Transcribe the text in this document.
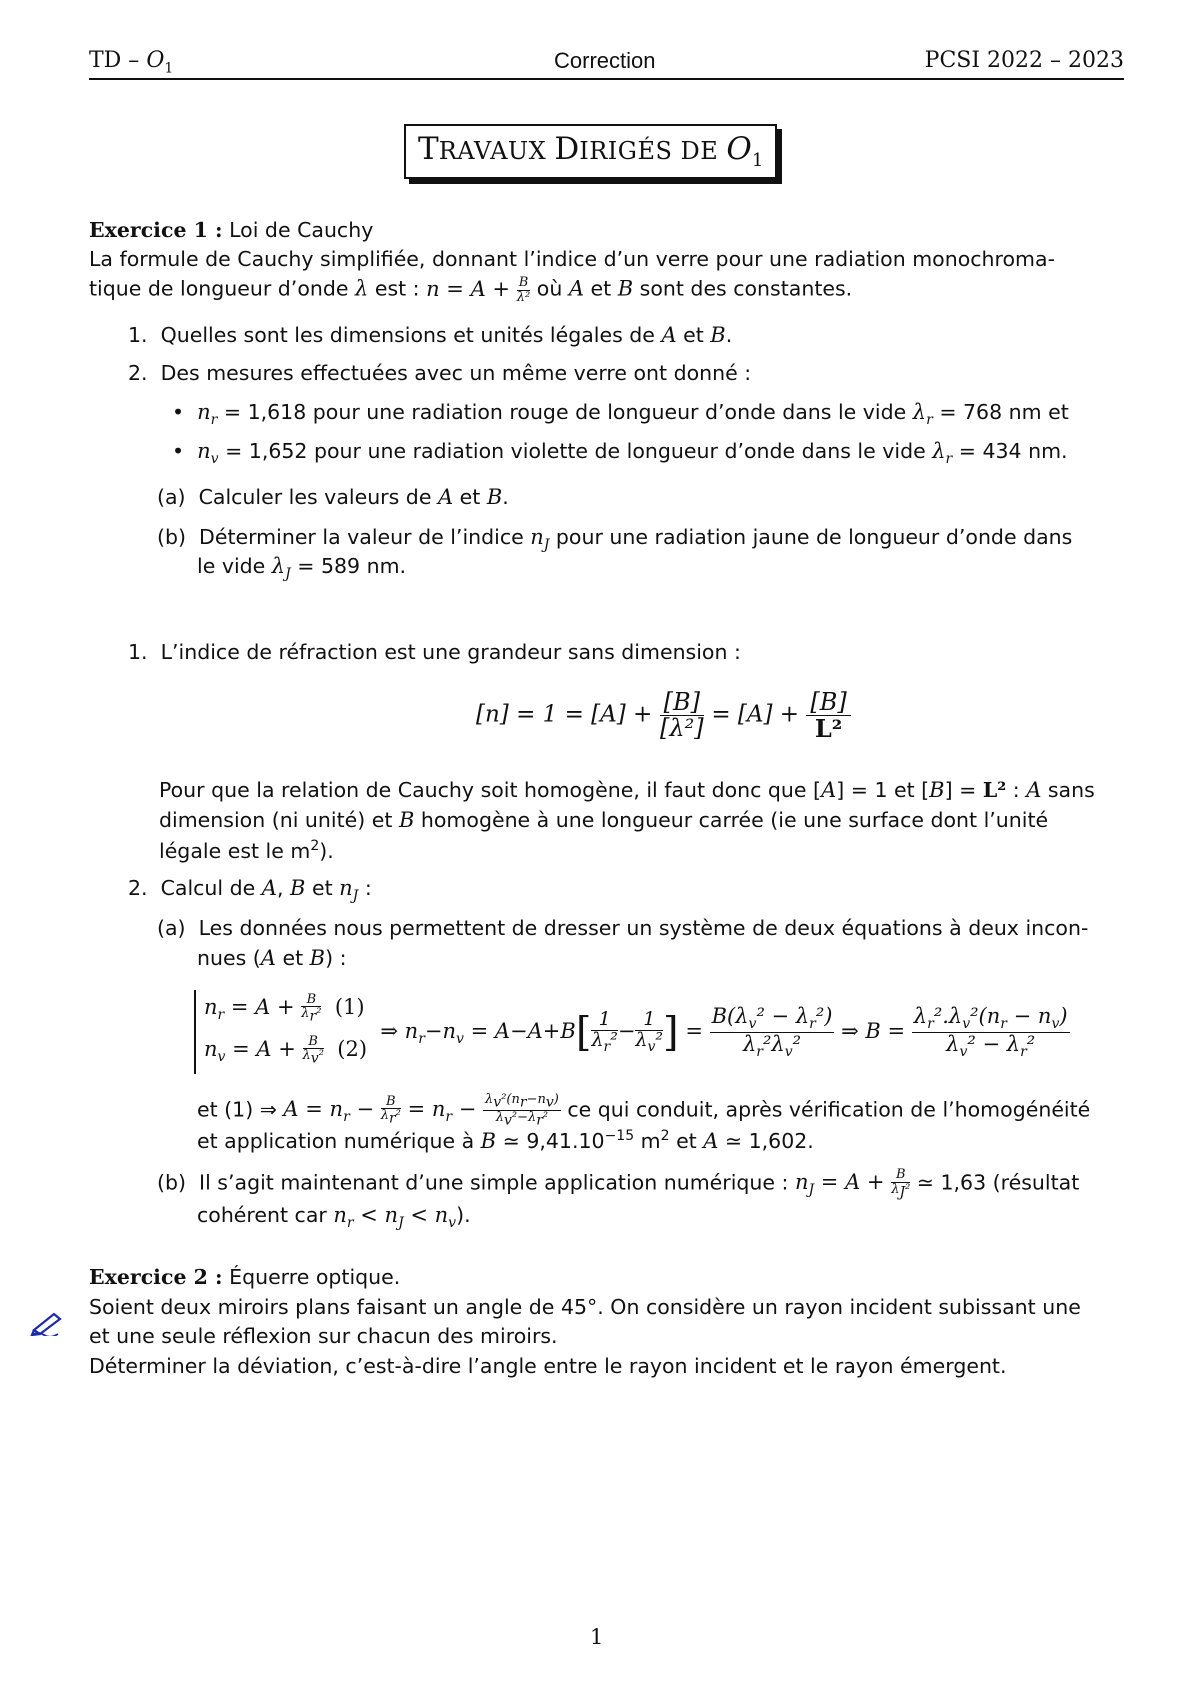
TD – $O_1$	Correction	PCSI 2022 – 2023
TRAVAUX DIRIGÉS DE $O_1$
Exercice 1 : Loi de Cauchy
La formule de Cauchy simplifiée, donnant l’indice d’un verre pour une radiation monochroma-
tique de longueur d’onde λ est : $n = A + \frac{B}{\text{λ²}}$ où A et B sont des constantes.
1.  Quelles sont les dimensions et unités légales de A et B.
2.  Des mesures effectuées avec un même verre ont donné :
•  $n_r = 1,618$ pour une radiation rouge de longueur d’onde dans le vide $\lambda_r = 768$ nm et
•  $n_v = 1,652$ pour une radiation violette de longueur d’onde dans le vide $\lambda_r = 434$ nm.
(a)  Calculer les valeurs de A et B.
(b)  Déterminer la valeur de l’indice $n_J$ pour une radiation jaune de longueur d’onde dans
le vide $\lambda_J = 589$ nm.
1.  L’indice de réfraction est une grandeur sans dimension :
$[n] = 1 = [A] + \frac{[B]}{\text{[λ²]}} = [A] + \frac{[B]}{\text{L²}}$
Pour que la relation de Cauchy soit homogène, il faut donc que [A] = 1 et [B] = L² : A sans
dimension (ni unité) et B homogène à une longueur carrée (ie une surface dont l’unité
légale est le $m^2$).
2.  Calcul de A, B et $n_J$ :
(a)  Les données nous permettent de dresser un système de deux équations à deux incon-
nues (A et B) :
$n_r = A + \frac{B}{\lambda_r^2} (1)$
$n_v = A + \frac{B}{\lambda_v^2} (2)$
⇒ $n_r-n_v = A-A+B[ \frac{1}{\lambda_r^2} - \frac{1}{\lambda_v^2}$ ] = $\frac{B(\lambda_v^2 - \lambda_r^2)}{\lambda_r^2\lambda_v^2}$ ⇒ $B = \frac{\lambda_r^2.\lambda_v^2(n_r - n_v)}{\lambda_v^2 - \lambda_r^2}$
et (1) ⇒ $A = n_r - \frac{B}{\lambda_r^2} = n_r - \frac{\lambda_v^2(n_r-n_v)}{\lambda_v^2-\lambda_r^2}$ ce qui conduit, après vérification de l’homogénéité
et application numérique à B ≃ $9,41.10^{-15}$ $m^2$ et A ≃ 1,602.
(b)  Il s’agit maintenant d’une simple application numérique : $n_J = A + \frac{B}{\lambda_J^2}$ ≃ 1,63 (résultat
cohérent car $n_r < n_J < n_v$).
Exercice 2 : Équerre optique.
Soient deux miroirs plans faisant un angle de 45°. On considère un rayon incident subissant une
et une seule réflexion sur chacun des miroirs.
Déterminer la déviation, c’est-à-dire l’angle entre le rayon incident et le rayon émergent.
1
